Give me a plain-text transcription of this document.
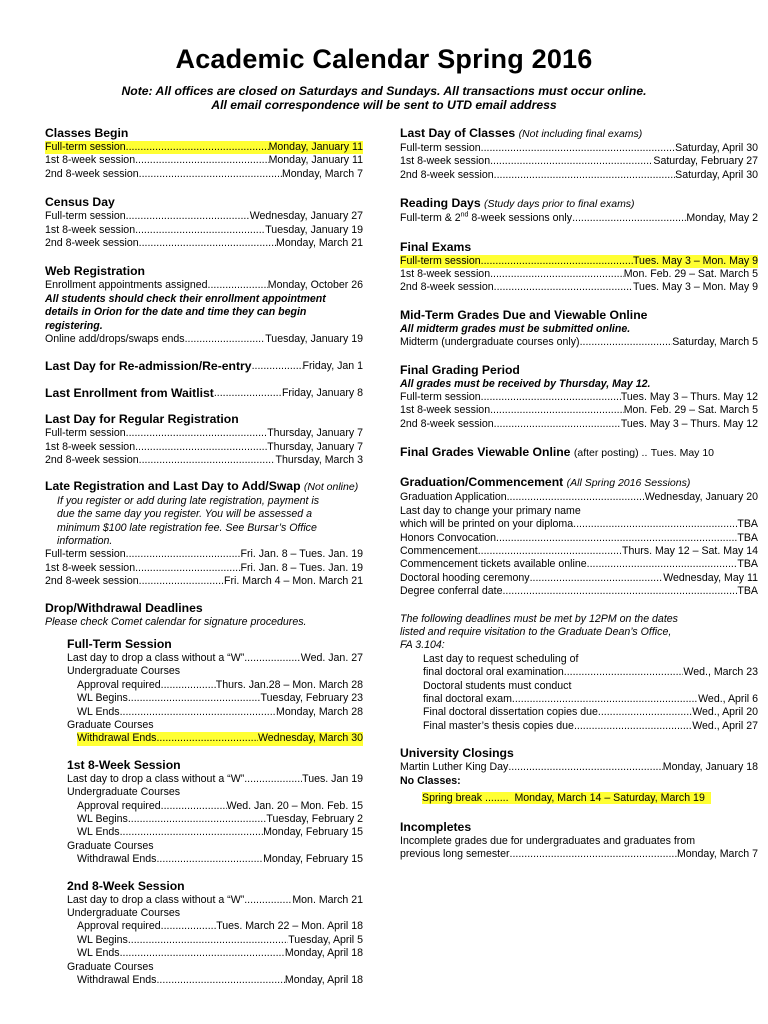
Academic Calendar Spring 2016
Note: All offices are closed on Saturdays and Sundays. All transactions must occur online.
All email correspondence will be sent to UTD email address
Classes Begin
Full-term session .....	Monday, January 11
1st 8-week session .....	Monday, January 11
2nd 8-week session .....	Monday, March 7
Census Day
Full-term session .....	Wednesday, January 27
1st 8-week session .....	Tuesday, January 19
2nd 8-week session .....	Monday, March 21
Web Registration
Enrollment appointments assigned .....	Monday, October 26
All students should check their enrollment appointment details in Orion for the date and time they can begin registering.
Online add/drops/swaps ends .....	Tuesday, January 19
Last Day for Re-admission/Re-entry .....	Friday, Jan 1
Last Enrollment from Waitlist .....	Friday, January 8
Last Day for Regular Registration
Full-term session .....	Thursday, January 7
1st 8-week session .....	Thursday, January 7
2nd 8-week session .....	Thursday, March 3
Late Registration and Last Day to Add/Swap (Not online)
If you register or add during late registration, payment is due the same day you register. You will be assessed a minimum $100 late registration fee. See Bursar’s Office information.
Full-term session .....	Fri. Jan. 8 – Tues. Jan. 19
1st 8-week session .....	Fri. Jan. 8 – Tues. Jan. 19
2nd 8-week session .....	Fri. March 4 – Mon. March 21
Drop/Withdrawal Deadlines
Please check Comet calendar for signature procedures.
Full-Term Session
Last day to drop a class without a “W” .....	Wed. Jan. 27
Undergraduate Courses
Approval required .....	Thurs. Jan.28 – Mon. March 28
WL Begins .....	Tuesday, February 23
WL Ends .....	Monday, March 28
Graduate Courses
Withdrawal Ends .....	Wednesday, March 30
1st 8-Week Session
Last day to drop a class without a “W” .....	Tues. Jan 19
Undergraduate Courses
Approval required .....	Wed. Jan. 20 – Mon. Feb. 15
WL Begins .....	Tuesday, February 2
WL Ends .....	Monday, February 15
Graduate Courses
Withdrawal Ends .....	Monday, February 15
2nd 8-Week Session
Last day to drop a class without a “W” .....	Mon. March 21
Undergraduate Courses
Approval required .....	Tues. March 22 – Mon. April 18
WL Begins .....	Tuesday, April 5
WL Ends .....	Monday, April 18
Graduate Courses
Withdrawal Ends .....	Monday, April 18
Last Day of Classes (Not including final exams)
Full-term session .....	Saturday, April 30
1st 8-week session .....	Saturday, February 27
2nd 8-week session .....	Saturday, April 30
Reading Days (Study days prior to final exams)
Full-term & 2nd 8-week sessions only .....	Monday, May 2
Final Exams
Full-term session .....	Tues. May 3 – Mon. May 9
1st 8-week session .....	Mon. Feb. 29 – Sat. March 5
2nd 8-week session .....	Tues. May 3 – Mon. May 9
Mid-Term Grades Due and Viewable Online
All midterm grades must be submitted online.
Midterm (undergraduate courses only) .....	Saturday, March 5
Final Grading Period
All grades must be received by Thursday, May 12.
Full-term session .....	Tues. May 3 – Thurs. May 12
1st 8-week session .....	Mon. Feb. 29 – Sat. March 5
2nd 8-week session .....	Tues. May 3 – Thurs. May 12
Final Grades Viewable Online (after posting) .. Tues. May 10
Graduation/Commencement (All Spring 2016 Sessions)
Graduation Application .....	Wednesday, January 20
Last day to change your primary name
which will be printed on your diploma .....	TBA
Honors Convocation .....	TBA
Commencement .....	Thurs. May 12 – Sat. May 14
Commencement tickets available online .....	TBA
Doctoral hooding ceremony .....	Wednesday, May 11
Degree conferral date .....	TBA
The following deadlines must be met by 12PM on the dates
listed and require visitation to the Graduate Dean’s Office,
FA 3.104:
Last day to request scheduling of
final doctoral oral examination .....	Wed., March 23
Doctoral students must conduct
final doctoral exam .....	Wed., April 6
Final doctoral dissertation copies due .....	Wed., April 20
Final master’s thesis copies due .....	Wed., April 27
University Closings
Martin Luther King Day .....	Monday, January 18
No Classes:
Spring break ........ Monday, March 14 – Saturday, March 19
Incompletes
Incomplete grades due for undergraduates and graduates from
previous long semester .....	Monday, March 7
